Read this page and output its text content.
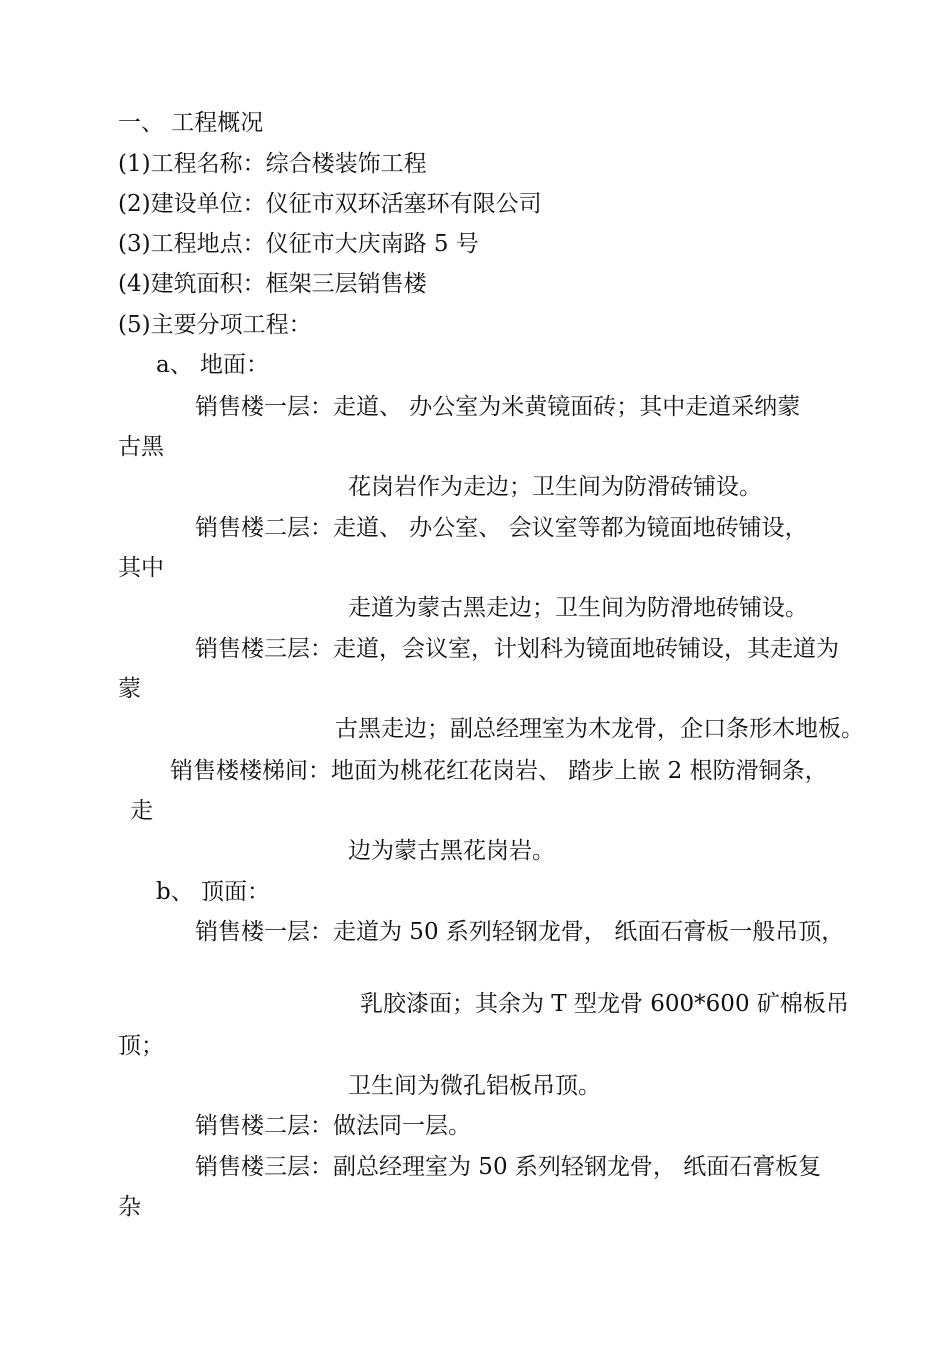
一、 工程概况
(1)工程名称：综合楼装饰工程
(2)建设单位：仪征市双环活塞环有限公司
(3)工程地点：仪征市大庆南路 5 号
(4)建筑面积：框架三层销售楼
(5)主要分项工程：
a、 地面：
销售楼一层：走道、 办公室为米黄镜面砖；其中走道采纳蒙
古黑
花岗岩作为走边；卫生间为防滑砖铺设。
销售楼二层：走道、 办公室、 会议室等都为镜面地砖铺设，
其中
走道为蒙古黑走边；卫生间为防滑地砖铺设。
销售楼三层：走道，会议室，计划科为镜面地砖铺设，其走道为
蒙
古黑走边；副总经理室为木龙骨，企口条形木地板。
销售楼楼梯间：地面为桃花红花岗岩、 踏步上嵌 2 根防滑铜条，
走
边为蒙古黑花岗岩。
b、 顶面：
销售楼一层：走道为 50 系列轻钢龙骨， 纸面石膏板一般吊顶，
乳胶漆面；其余为 T 型龙骨 600*600 矿棉板吊
顶；
卫生间为微孔铝板吊顶。
销售楼二层：做法同一层。
销售楼三层：副总经理室为 50 系列轻钢龙骨， 纸面石膏板复
杂
